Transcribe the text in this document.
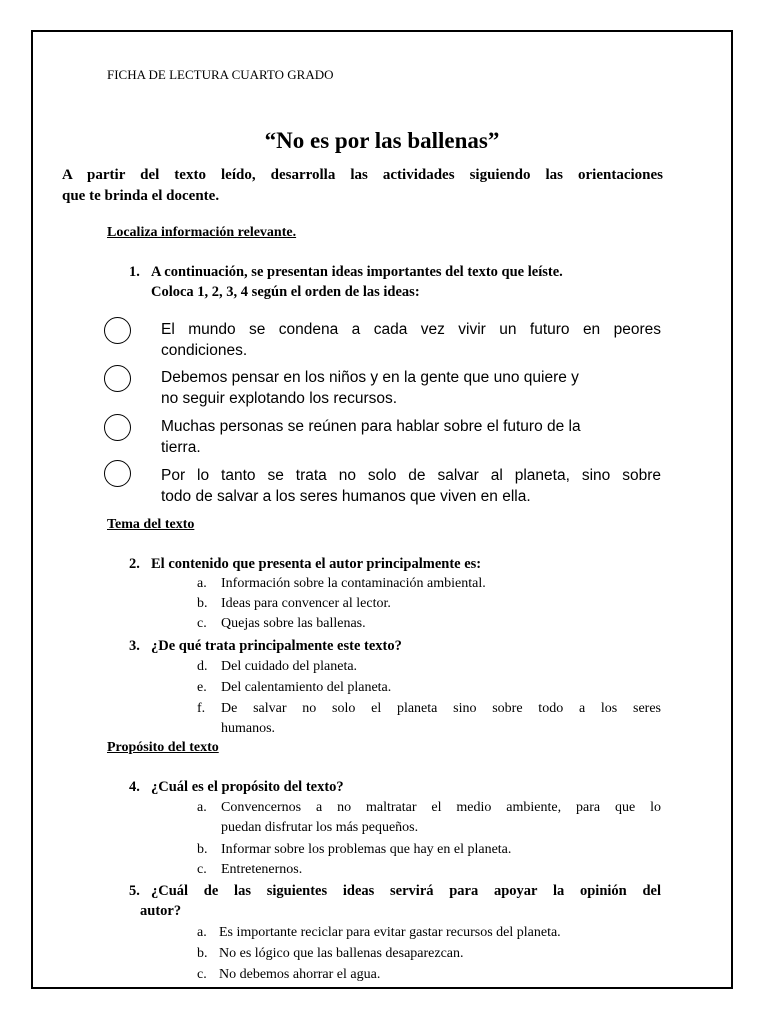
FICHA DE LECTURA CUARTO GRADO
“No es por las ballenas”
A partir del texto leído, desarrolla las actividades siguiendo las orientaciones
que te brinda el docente.
Localiza información relevante.
1. A continuación, se presentan ideas importantes del texto que leíste.
Coloca 1, 2, 3, 4 según el orden de las ideas:
El mundo se condena a cada vez vivir un futuro en peores
condiciones.
Debemos pensar en los niños y en la gente que uno quiere y
no seguir explotando los recursos.
Muchas personas se reúnen para hablar sobre el futuro de la
tierra.
Por lo tanto se trata no solo de salvar al planeta, sino sobre
todo de salvar a los seres humanos que viven en ella.
Tema del texto
2. El contenido que presenta el autor principalmente es:
a. Información sobre la contaminación ambiental.
b. Ideas para convencer al lector.
c. Quejas sobre las ballenas.
3. ¿De qué trata principalmente este texto?
d. Del cuidado del planeta.
e. Del calentamiento del planeta.
f. De salvar no solo el planeta sino sobre todo a los seres
humanos.
Propósito del texto
4. ¿Cuál es el propósito del texto?
a. Convencernos a no maltratar el medio ambiente, para que lo
puedan disfrutar los más pequeños.
b. Informar sobre los problemas que hay en el planeta.
c. Entretenernos.
5. ¿Cuál de las siguientes ideas servirá para apoyar la opinión del
autor?
a. Es importante reciclar para evitar gastar recursos del planeta.
b. No es lógico que las ballenas desaparezcan.
c. No debemos ahorrar el agua.
